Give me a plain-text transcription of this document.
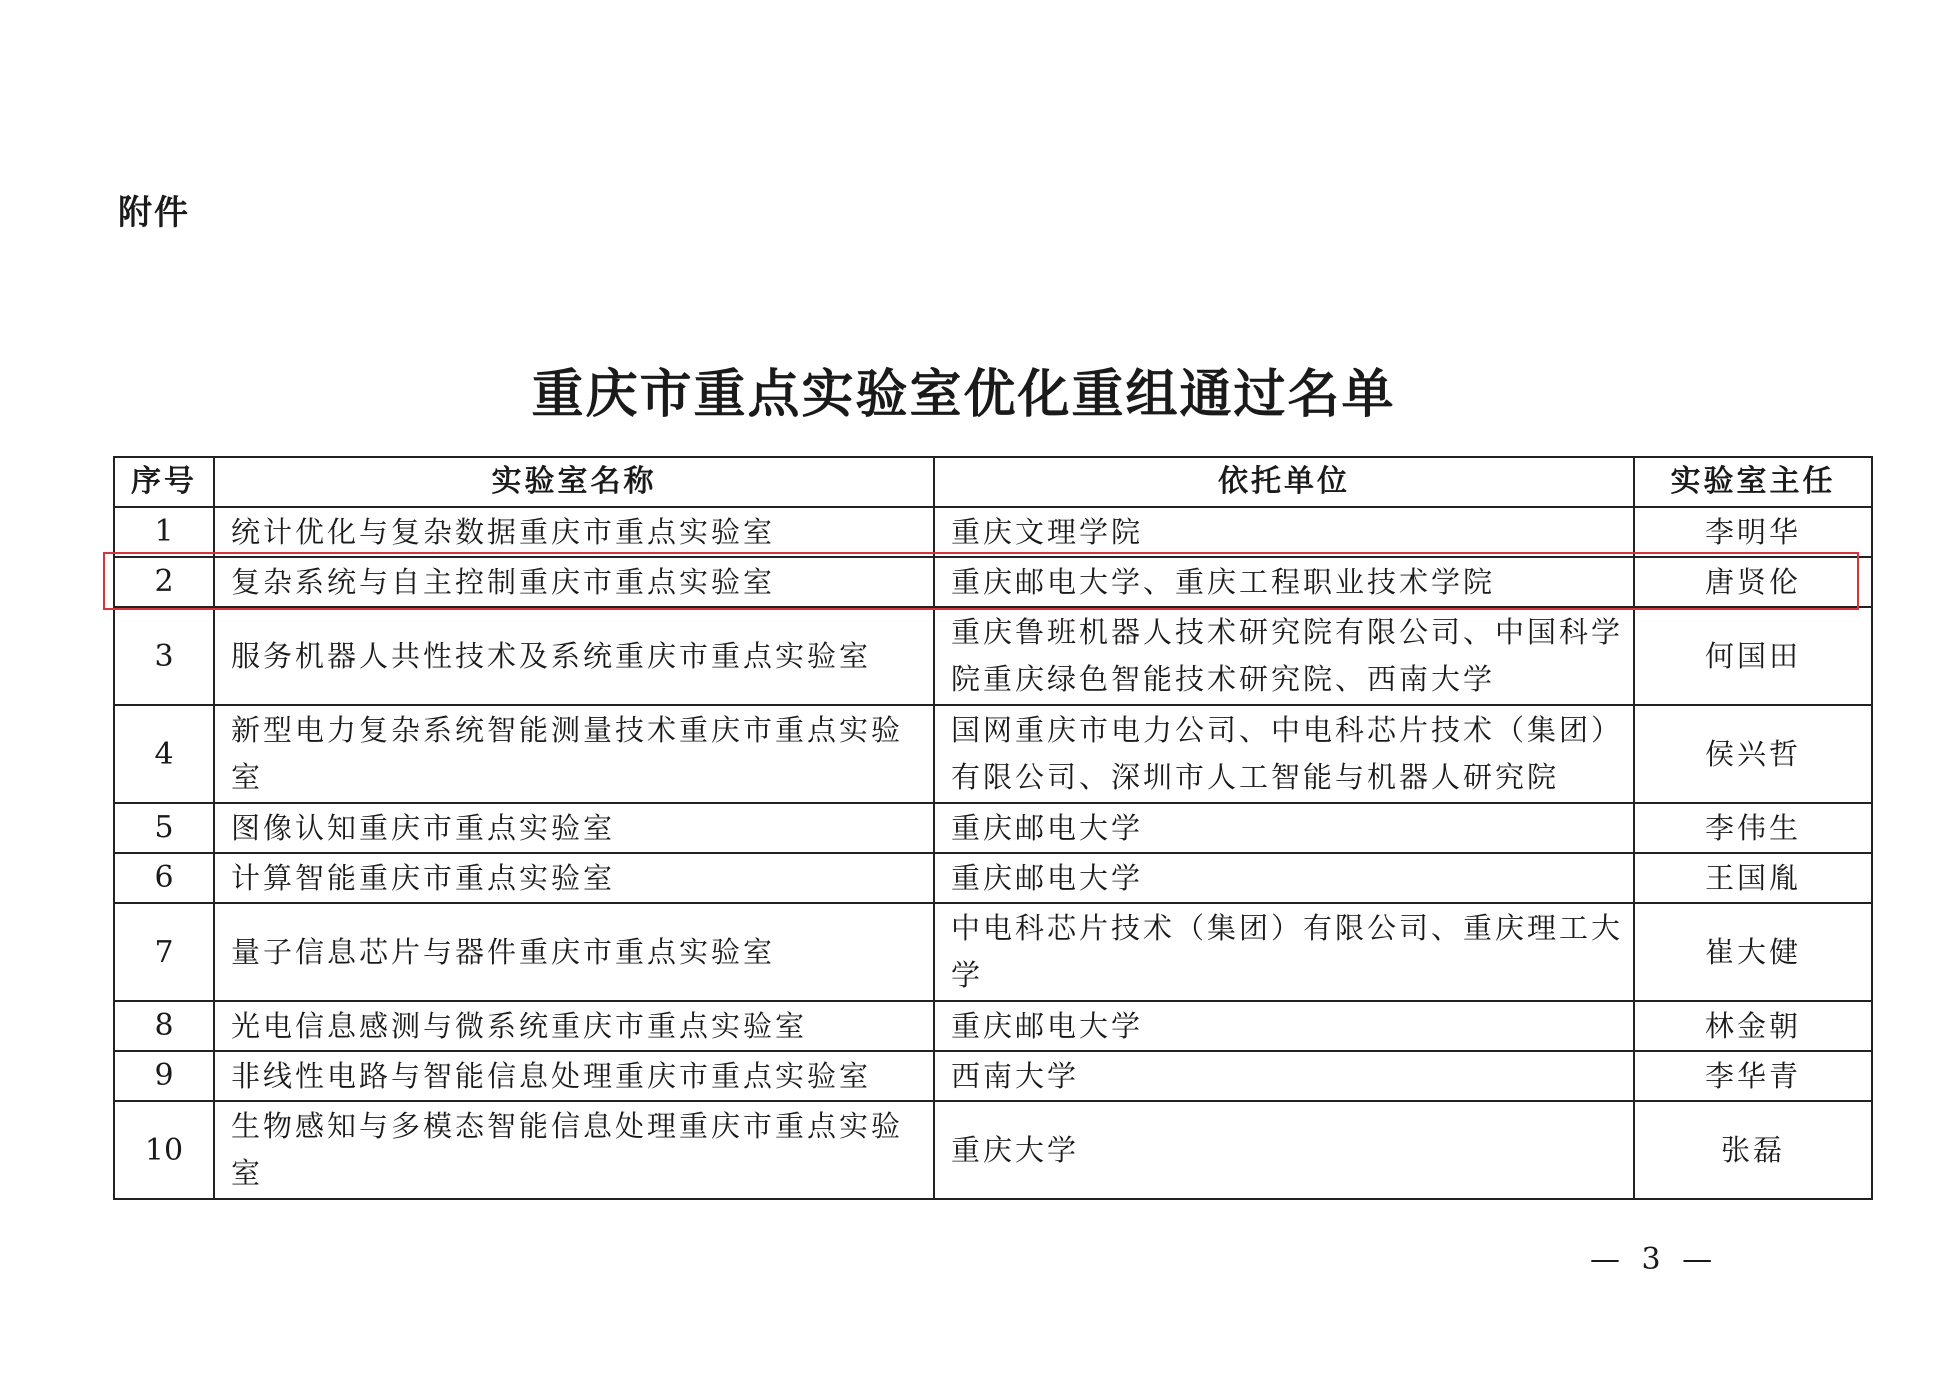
附件
重庆市重点实验室优化重组通过名单
序号	实验室名称	依托单位	实验室主任
1	统计优化与复杂数据重庆市重点实验室	重庆文理学院	李明华
2	复杂系统与自主控制重庆市重点实验室	重庆邮电大学、重庆工程职业技术学院	唐贤伦
3	服务机器人共性技术及系统重庆市重点实验室	重庆鲁班机器人技术研究院有限公司、中国科学院重庆绿色智能技术研究院、西南大学	何国田
4	新型电力复杂系统智能测量技术重庆市重点实验室	国网重庆市电力公司、中电科芯片技术（集团）有限公司、深圳市人工智能与机器人研究院	侯兴哲
5	图像认知重庆市重点实验室	重庆邮电大学	李伟生
6	计算智能重庆市重点实验室	重庆邮电大学	王国胤
7	量子信息芯片与器件重庆市重点实验室	中电科芯片技术（集团）有限公司、重庆理工大学	崔大健
8	光电信息感测与微系统重庆市重点实验室	重庆邮电大学	林金朝
9	非线性电路与智能信息处理重庆市重点实验室	西南大学	李华青
10	生物感知与多模态智能信息处理重庆市重点实验室	重庆大学	张磊
— 3 —
